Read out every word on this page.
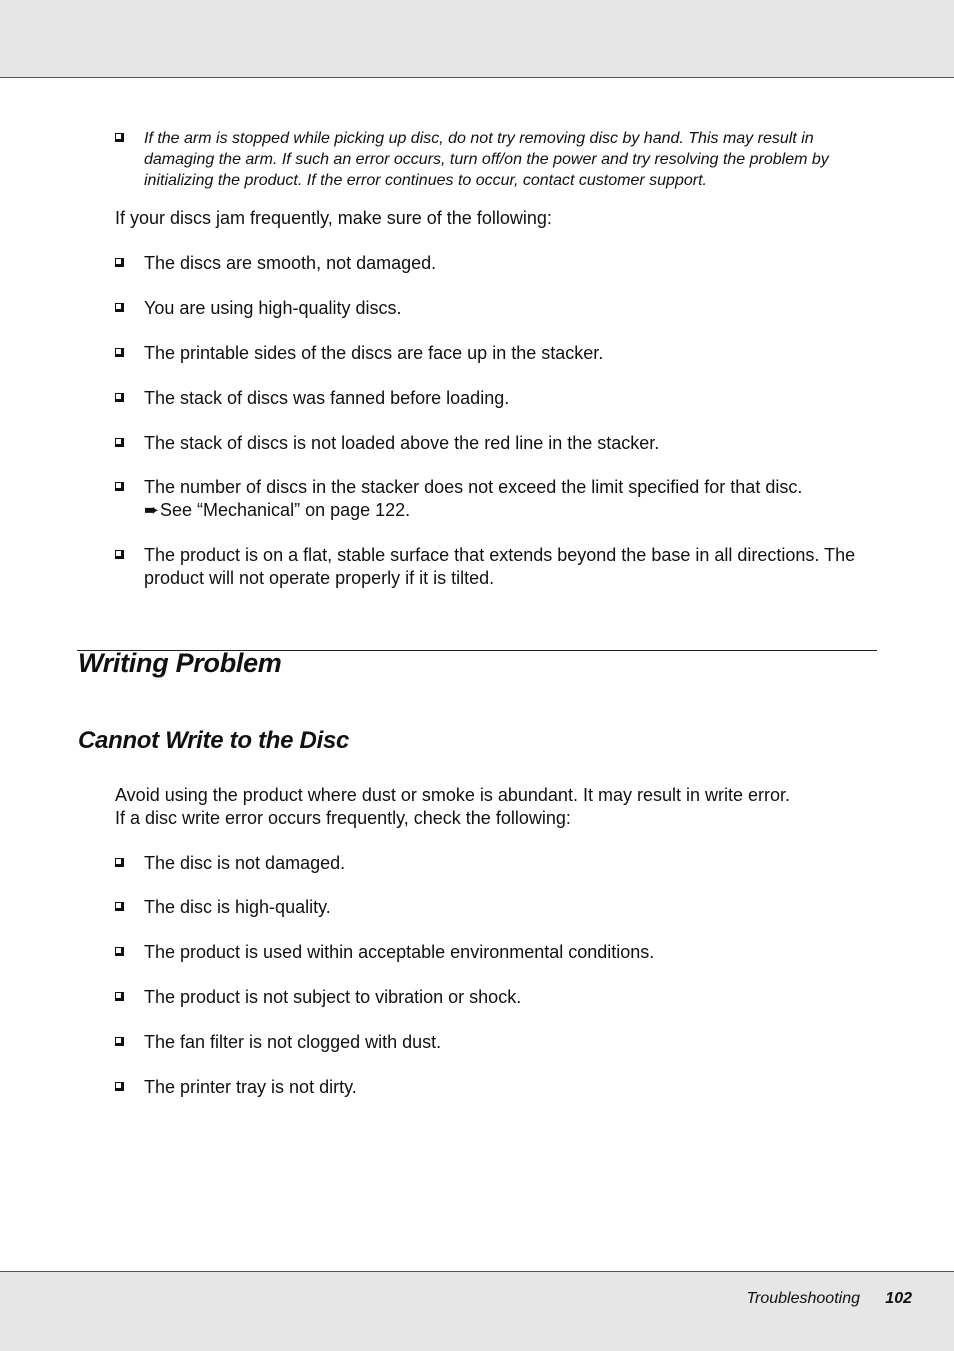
If the arm is stopped while picking up disc, do not try removing disc by hand. This may result in damaging the arm. If such an error occurs, turn off/on the power and try resolving the problem by initializing the product. If the error continues to occur, contact customer support.
If your discs jam frequently, make sure of the following:
The discs are smooth, not damaged.
You are using high-quality discs.
The printable sides of the discs are face up in the stacker.
The stack of discs was fanned before loading.
The stack of discs is not loaded above the red line in the stacker.
The number of discs in the stacker does not exceed the limit specified for that disc.
➨See “Mechanical” on page 122.
The product is on a flat, stable surface that extends beyond the base in all directions. The product will not operate properly if it is tilted.
Writing Problem
Cannot Write to the Disc
Avoid using the product where dust or smoke is abundant. It may result in write error.
If a disc write error occurs frequently, check the following:
The disc is not damaged.
The disc is high-quality.
The product is used within acceptable environmental conditions.
The product is not subject to vibration or shock.
The fan filter is not clogged with dust.
The printer tray is not dirty.
Troubleshooting	102
